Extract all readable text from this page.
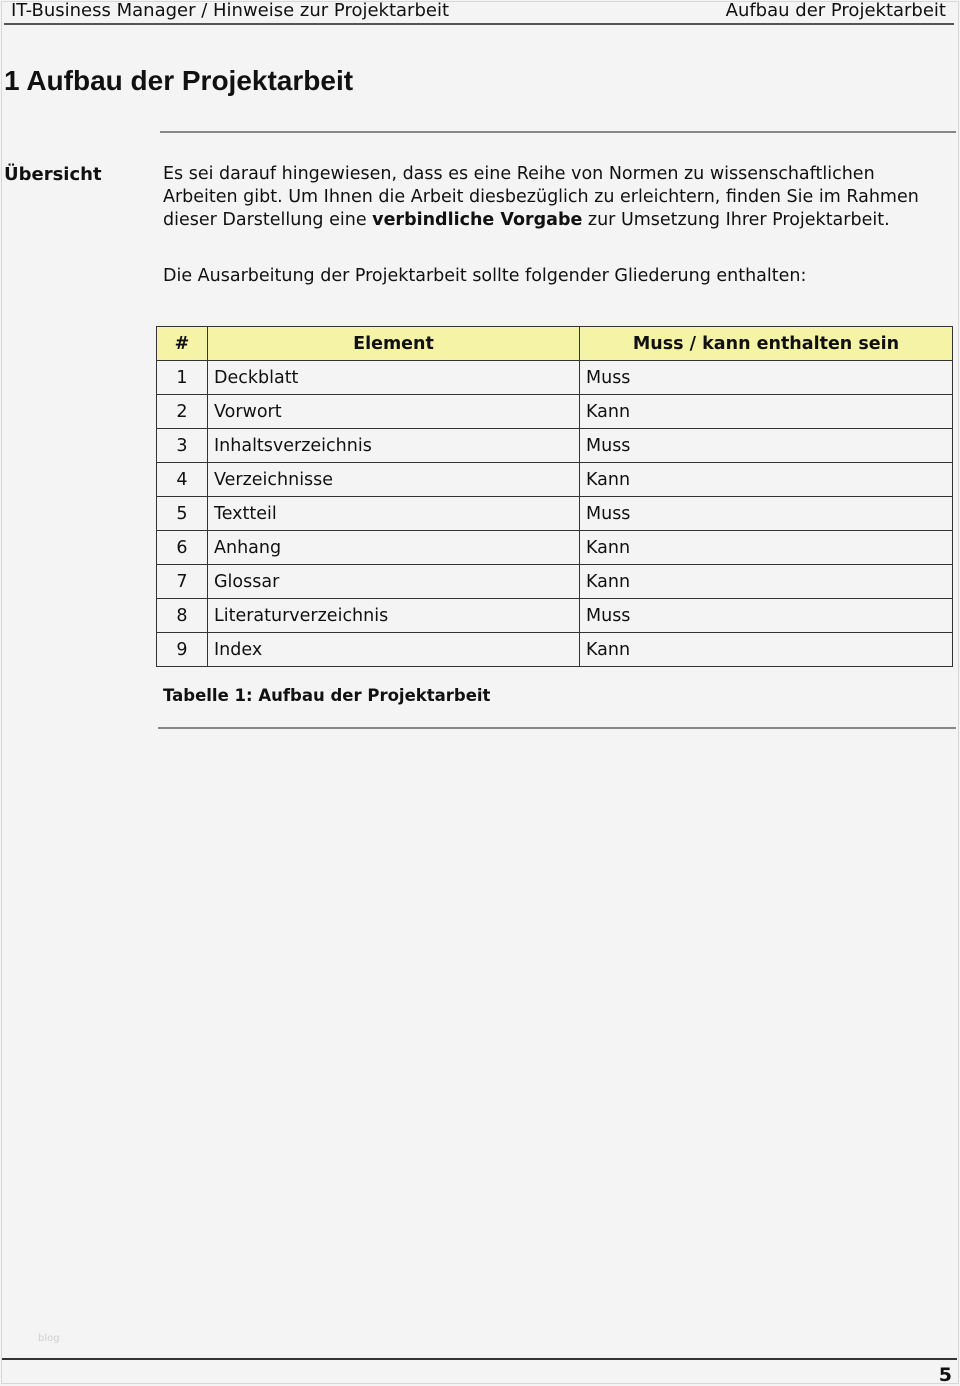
IT-Business Manager / Hinweise zur Projektarbeit	Aufbau der Projektarbeit
1 Aufbau der Projektarbeit
Übersicht	Es sei darauf hingewiesen, dass es eine Reihe von Normen zu wissenschaftlichen Arbeiten gibt. Um Ihnen die Arbeit diesbezüglich zu erleichtern, finden Sie im Rahmen dieser Darstellung eine verbindliche Vorgabe zur Umsetzung Ihrer Projektarbeit.

Die Ausarbeitung der Projektarbeit sollte folgender Gliederung enthalten:

#	Element	Muss / kann enthalten sein
1	Deckblatt	Muss
2	Vorwort	Kann
3	Inhaltsverzeichnis	Muss
4	Verzeichnisse	Kann
5	Textteil	Muss
6	Anhang	Kann
7	Glossar	Kann
8	Literaturverzeichnis	Muss
9	Index	Kann
Tabelle 1: Aufbau der Projektarbeit
blog
5
